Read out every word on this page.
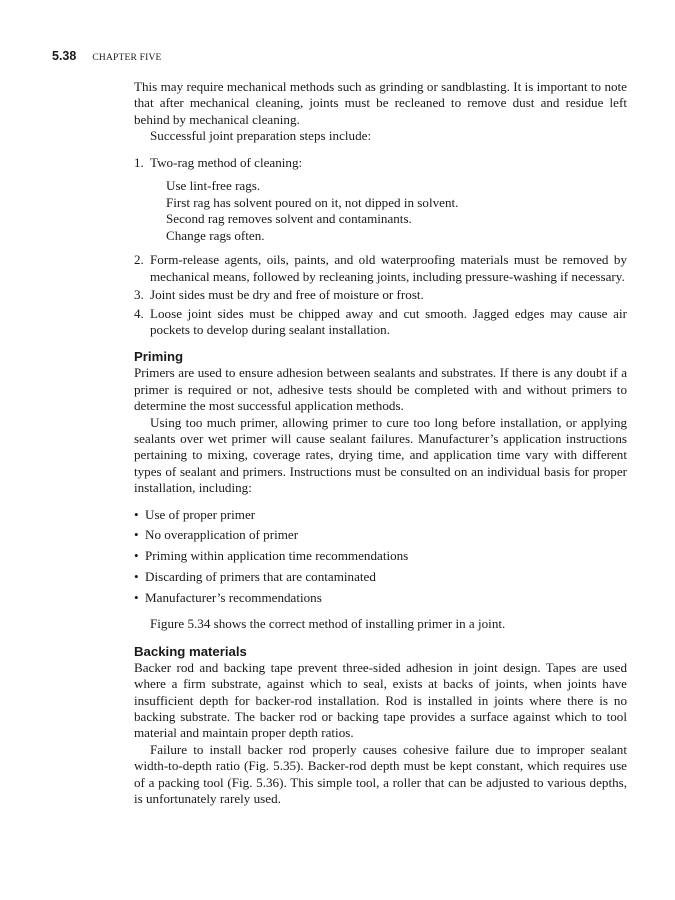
5.38 CHAPTER FIVE

This may require mechanical methods such as grinding or sandblasting. It is important to note that after mechanical cleaning, joints must be recleaned to remove dust and residue left behind by mechanical cleaning.

Successful joint preparation steps include:

1. Two-rag method of cleaning:
Use lint-free rags.
First rag has solvent poured on it, not dipped in solvent.
Second rag removes solvent and contaminants.
Change rags often.
2. Form-release agents, oils, paints, and old waterproofing materials must be removed by mechanical means, followed by recleaning joints, including pressure-washing if necessary.
3. Joint sides must be dry and free of moisture or frost.
4. Loose joint sides must be chipped away and cut smooth. Jagged edges may cause air pockets to develop during sealant installation.
Priming

Primers are used to ensure adhesion between sealants and substrates. If there is any doubt if a primer is required or not, adhesive tests should be completed with and without primers to determine the most successful application methods.

Using too much primer, allowing primer to cure too long before installation, or applying sealants over wet primer will cause sealant failures. Manufacturer’s application instructions pertaining to mixing, coverage rates, drying time, and application time vary with different types of sealant and primers. Instructions must be consulted on an individual basis for proper installation, including:

• Use of proper primer
• No overapplication of primer
• Priming within application time recommendations
• Discarding of primers that are contaminated
• Manufacturer’s recommendations

Figure 5.34 shows the correct method of installing primer in a joint.

Backing materials

Backer rod and backing tape prevent three-sided adhesion in joint design. Tapes are used where a firm substrate, against which to seal, exists at backs of joints, when joints have insufficient depth for backer-rod installation. Rod is installed in joints where there is no backing substrate. The backer rod or backing tape provides a surface against which to tool material and maintain proper depth ratios.

Failure to install backer rod properly causes cohesive failure due to improper sealant width-to-depth ratio (Fig. 5.35). Backer-rod depth must be kept constant, which requires use of a packing tool (Fig. 5.36). This simple tool, a roller that can be adjusted to various depths, is unfortunately rarely used.
